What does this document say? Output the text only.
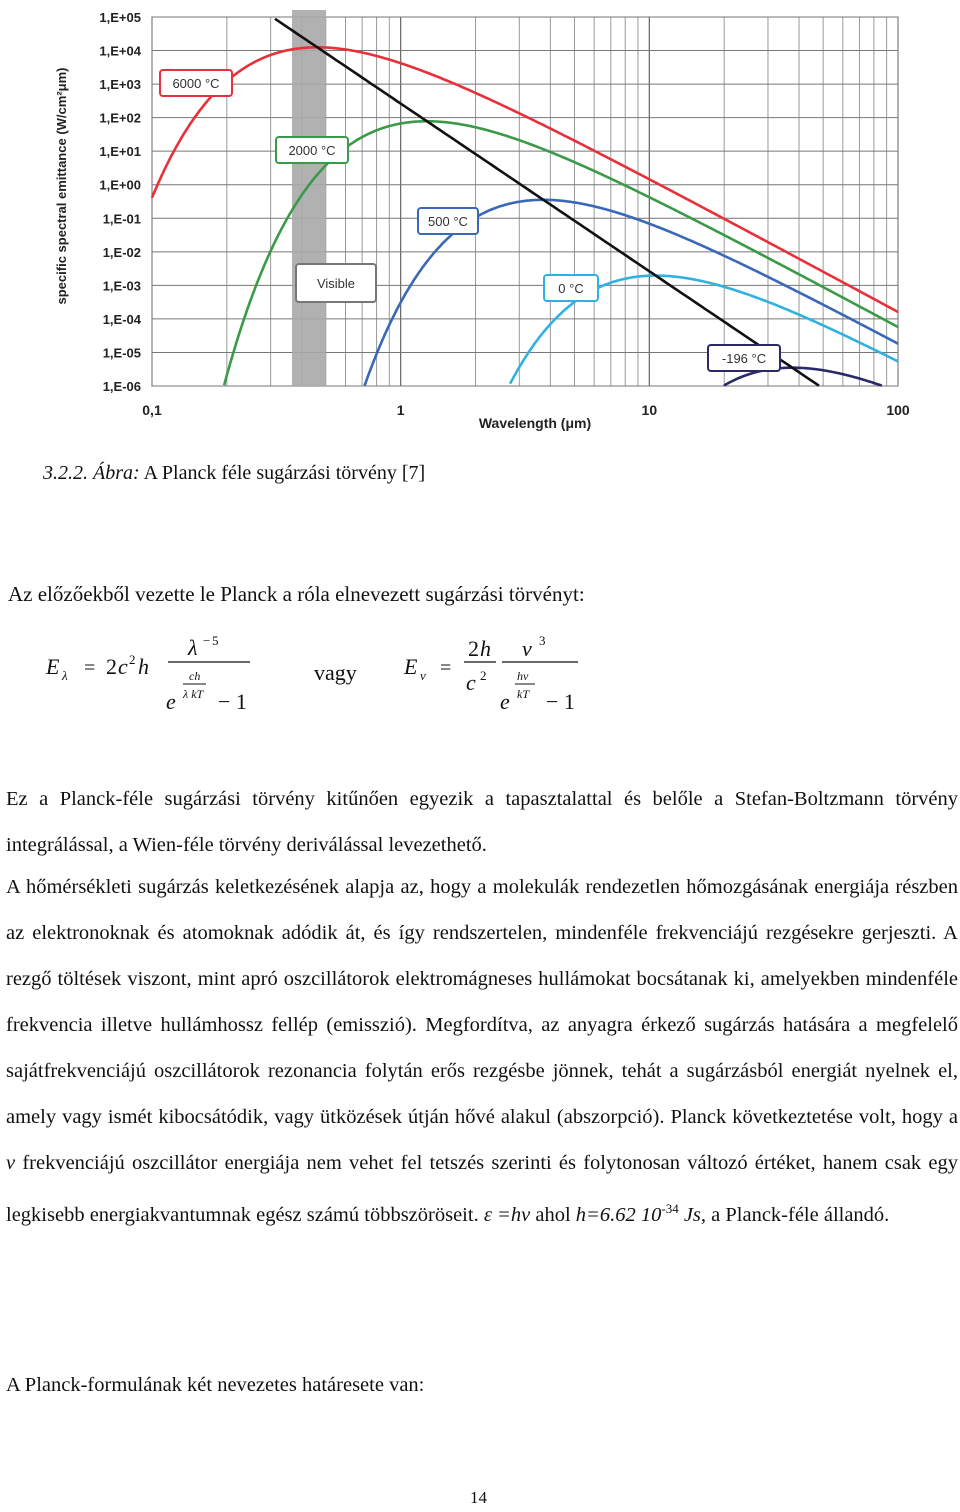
1,E+05
1,E+04
1,E+03
1,E+02
1,E+01
1,E+00
1,E-01
1,E-02
1,E-03
1,E-04
1,E-05
1,E-06
0,1	1	10	100
6000 °C
2000 °C
500 °C
0 °C
Visible
-196 °C
specific spectral emittance (W/cm²μm)
Wavelength (μm)
3.2.2. Ábra: A Planck féle sugárzási törvény [7]
Az előzőekből vezette le Planck a róla elnevezett sugárzási törvényt:
E λ = 2 c 2 h
λ − 5
e
ch
λ kT − 1
vagy E ν =
2 h
c 2
ν 3
e
hν
kT − 1
Ez a Planck-féle sugárzási törvény kitűnően egyezik a tapasztalattal és belőle a Stefan-Boltzmann törvény integrálással, a Wien-féle törvény deriválással levezethető.
A hőmérsékleti sugárzás keletkezésének alapja az, hogy a molekulák rendezetlen hőmozgásának energiája részben az elektronoknak és atomoknak adódik át, és így rendszertelen, mindenféle frekvenciájú rezgésekre gerjeszti. A rezgő töltések viszont, mint apró oszcillátorok elektromágneses hullámokat bocsátanak ki, amelyekben mindenféle frekvencia illetve hullámhossz fellép (emisszió). Megfordítva, az anyagra érkező sugárzás hatására a megfelelő sajátfrekvenciájú oszcillátorok rezonancia folytán erős rezgésbe jönnek, tehát a sugárzásból energiát nyelnek el, amely vagy ismét kibocsátódik, vagy ütközések útján hővé alakul (abszorpció). Planck következtetése volt, hogy a ν frekvenciájú oszcillátor energiája nem vehet fel tetszés szerinti és folytonosan változó értéket, hanem csak egy legkisebb energiakvantumnak egész számú többszöröseit. ε =hν ahol h=6.62 $10^{-34}$ Js, a Planck-féle állandó.
A Planck-formulának két nevezetes határesete van:
14
